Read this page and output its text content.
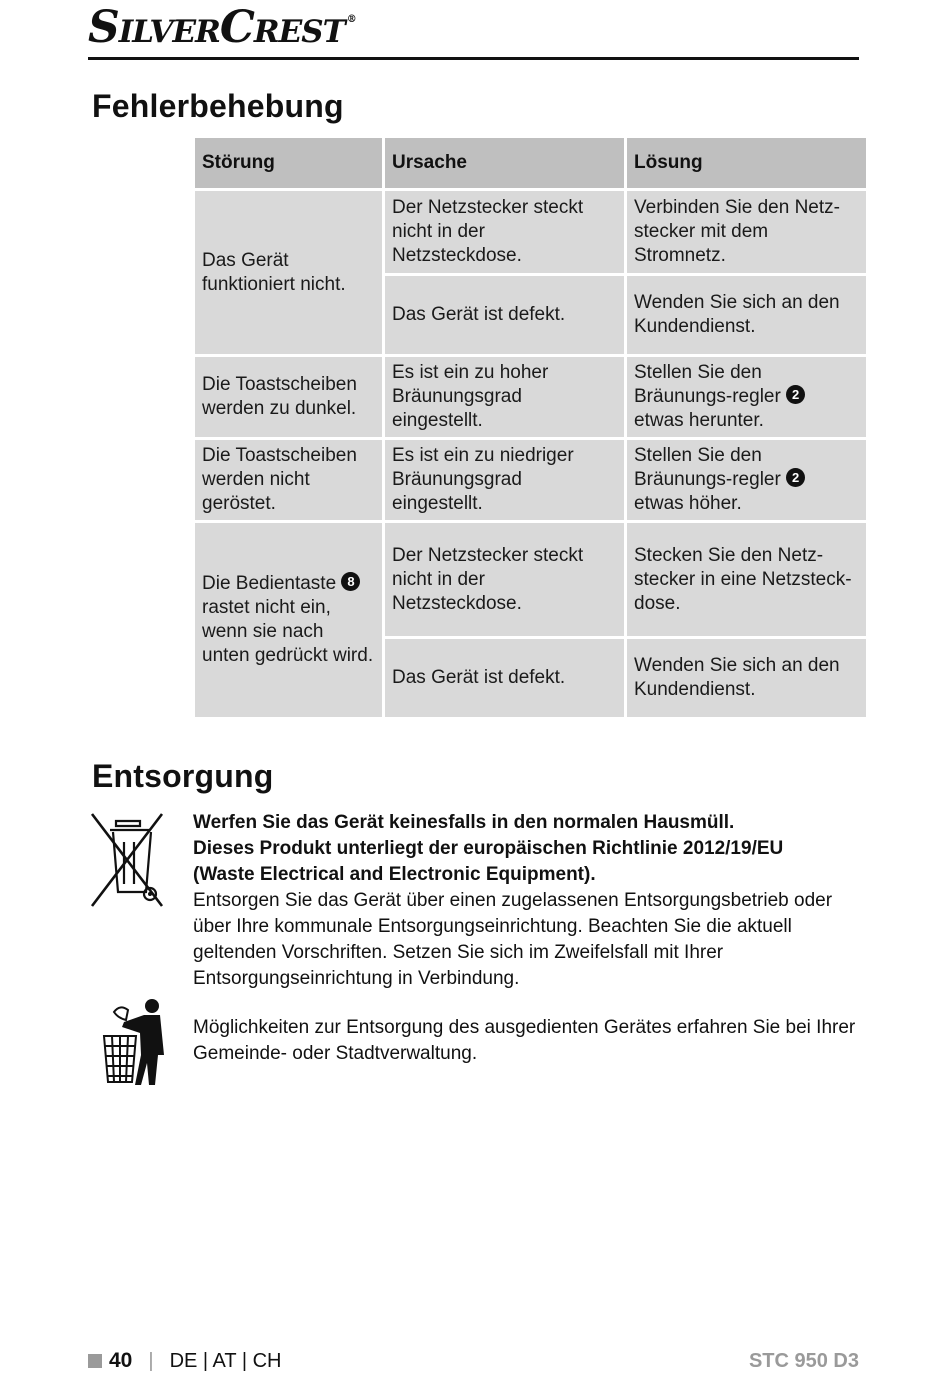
S ILVER C REST ®
Fehlerbehebung
Störung	Ursache	Lösung
Das Gerät funktioniert nicht.	Der Netzstecker steckt nicht in der Netzsteckdose.	Verbinden Sie den Netz-stecker mit dem Stromnetz.
	Das Gerät ist defekt.	Wenden Sie sich an den Kundendienst.
Die Toastscheiben werden zu dunkel.	Es ist ein zu hoher Bräunungsgrad eingestellt.	Stellen Sie den Bräunungs-regler 2 etwas herunter.
Die Toastscheiben werden nicht geröstet.	Es ist ein zu niedriger Bräunungsgrad eingestellt.	Stellen Sie den Bräunungs-regler 2 etwas höher.
Die Bedientaste 8 rastet nicht ein, wenn sie nach unten gedrückt wird.	Der Netzstecker steckt nicht in der Netzsteckdose.	Stecken Sie den Netz-stecker in eine Netzsteck-dose.
	Das Gerät ist defekt.	Wenden Sie sich an den Kundendienst.
Entsorgung
Werfen Sie das Gerät keinesfalls in den normalen Hausmüll.
Dieses Produkt unterliegt der europäischen Richtlinie 2012/19/EU
(Waste Electrical and Electronic Equipment).
Entsorgen Sie das Gerät über einen zugelassenen Entsorgungsbetrieb oder über Ihre kommunale Entsorgungseinrichtung. Beachten Sie die aktuell geltenden Vorschriften. Setzen Sie sich im Zweifelsfall mit Ihrer Entsorgungseinrichtung in Verbindung.
Möglichkeiten zur Entsorgung des ausgedienten Gerätes erfahren Sie bei Ihrer Gemeinde- oder Stadtverwaltung.
40 | DE | AT | CH	STC 950 D3
